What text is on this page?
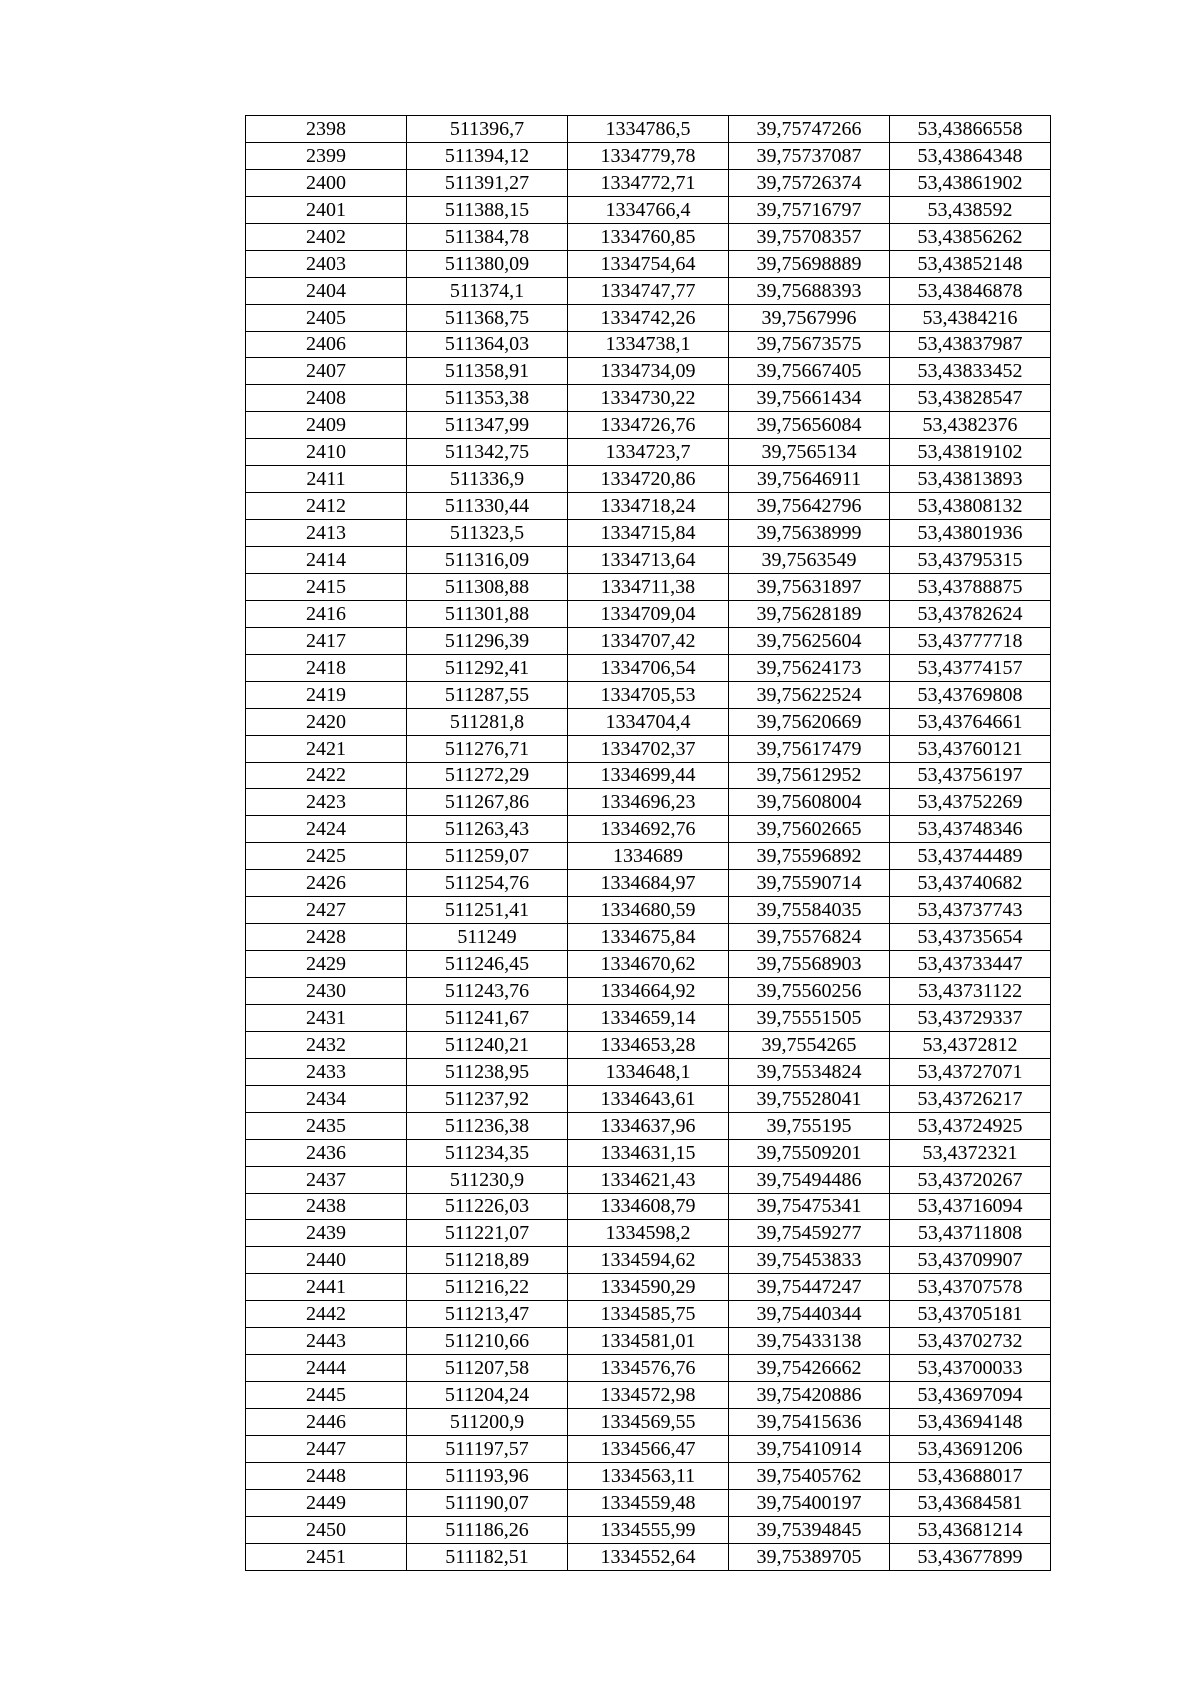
2398	511396,7	1334786,5	39,75747266	53,43866558
2399	511394,12	1334779,78	39,75737087	53,43864348
2400	511391,27	1334772,71	39,75726374	53,43861902
2401	511388,15	1334766,4	39,75716797	53,438592
2402	511384,78	1334760,85	39,75708357	53,43856262
2403	511380,09	1334754,64	39,75698889	53,43852148
2404	511374,1	1334747,77	39,75688393	53,43846878
2405	511368,75	1334742,26	39,7567996	53,4384216
2406	511364,03	1334738,1	39,75673575	53,43837987
2407	511358,91	1334734,09	39,75667405	53,43833452
2408	511353,38	1334730,22	39,75661434	53,43828547
2409	511347,99	1334726,76	39,75656084	53,4382376
2410	511342,75	1334723,7	39,7565134	53,43819102
2411	511336,9	1334720,86	39,75646911	53,43813893
2412	511330,44	1334718,24	39,75642796	53,43808132
2413	511323,5	1334715,84	39,75638999	53,43801936
2414	511316,09	1334713,64	39,7563549	53,43795315
2415	511308,88	1334711,38	39,75631897	53,43788875
2416	511301,88	1334709,04	39,75628189	53,43782624
2417	511296,39	1334707,42	39,75625604	53,43777718
2418	511292,41	1334706,54	39,75624173	53,43774157
2419	511287,55	1334705,53	39,75622524	53,43769808
2420	511281,8	1334704,4	39,75620669	53,43764661
2421	511276,71	1334702,37	39,75617479	53,43760121
2422	511272,29	1334699,44	39,75612952	53,43756197
2423	511267,86	1334696,23	39,75608004	53,43752269
2424	511263,43	1334692,76	39,75602665	53,43748346
2425	511259,07	1334689	39,75596892	53,43744489
2426	511254,76	1334684,97	39,75590714	53,43740682
2427	511251,41	1334680,59	39,75584035	53,43737743
2428	511249	1334675,84	39,75576824	53,43735654
2429	511246,45	1334670,62	39,75568903	53,43733447
2430	511243,76	1334664,92	39,75560256	53,43731122
2431	511241,67	1334659,14	39,75551505	53,43729337
2432	511240,21	1334653,28	39,7554265	53,4372812
2433	511238,95	1334648,1	39,75534824	53,43727071
2434	511237,92	1334643,61	39,75528041	53,43726217
2435	511236,38	1334637,96	39,755195	53,43724925
2436	511234,35	1334631,15	39,75509201	53,4372321
2437	511230,9	1334621,43	39,75494486	53,43720267
2438	511226,03	1334608,79	39,75475341	53,43716094
2439	511221,07	1334598,2	39,75459277	53,43711808
2440	511218,89	1334594,62	39,75453833	53,43709907
2441	511216,22	1334590,29	39,75447247	53,43707578
2442	511213,47	1334585,75	39,75440344	53,43705181
2443	511210,66	1334581,01	39,75433138	53,43702732
2444	511207,58	1334576,76	39,75426662	53,43700033
2445	511204,24	1334572,98	39,75420886	53,43697094
2446	511200,9	1334569,55	39,75415636	53,43694148
2447	511197,57	1334566,47	39,75410914	53,43691206
2448	511193,96	1334563,11	39,75405762	53,43688017
2449	511190,07	1334559,48	39,75400197	53,43684581
2450	511186,26	1334555,99	39,75394845	53,43681214
2451	511182,51	1334552,64	39,75389705	53,43677899
